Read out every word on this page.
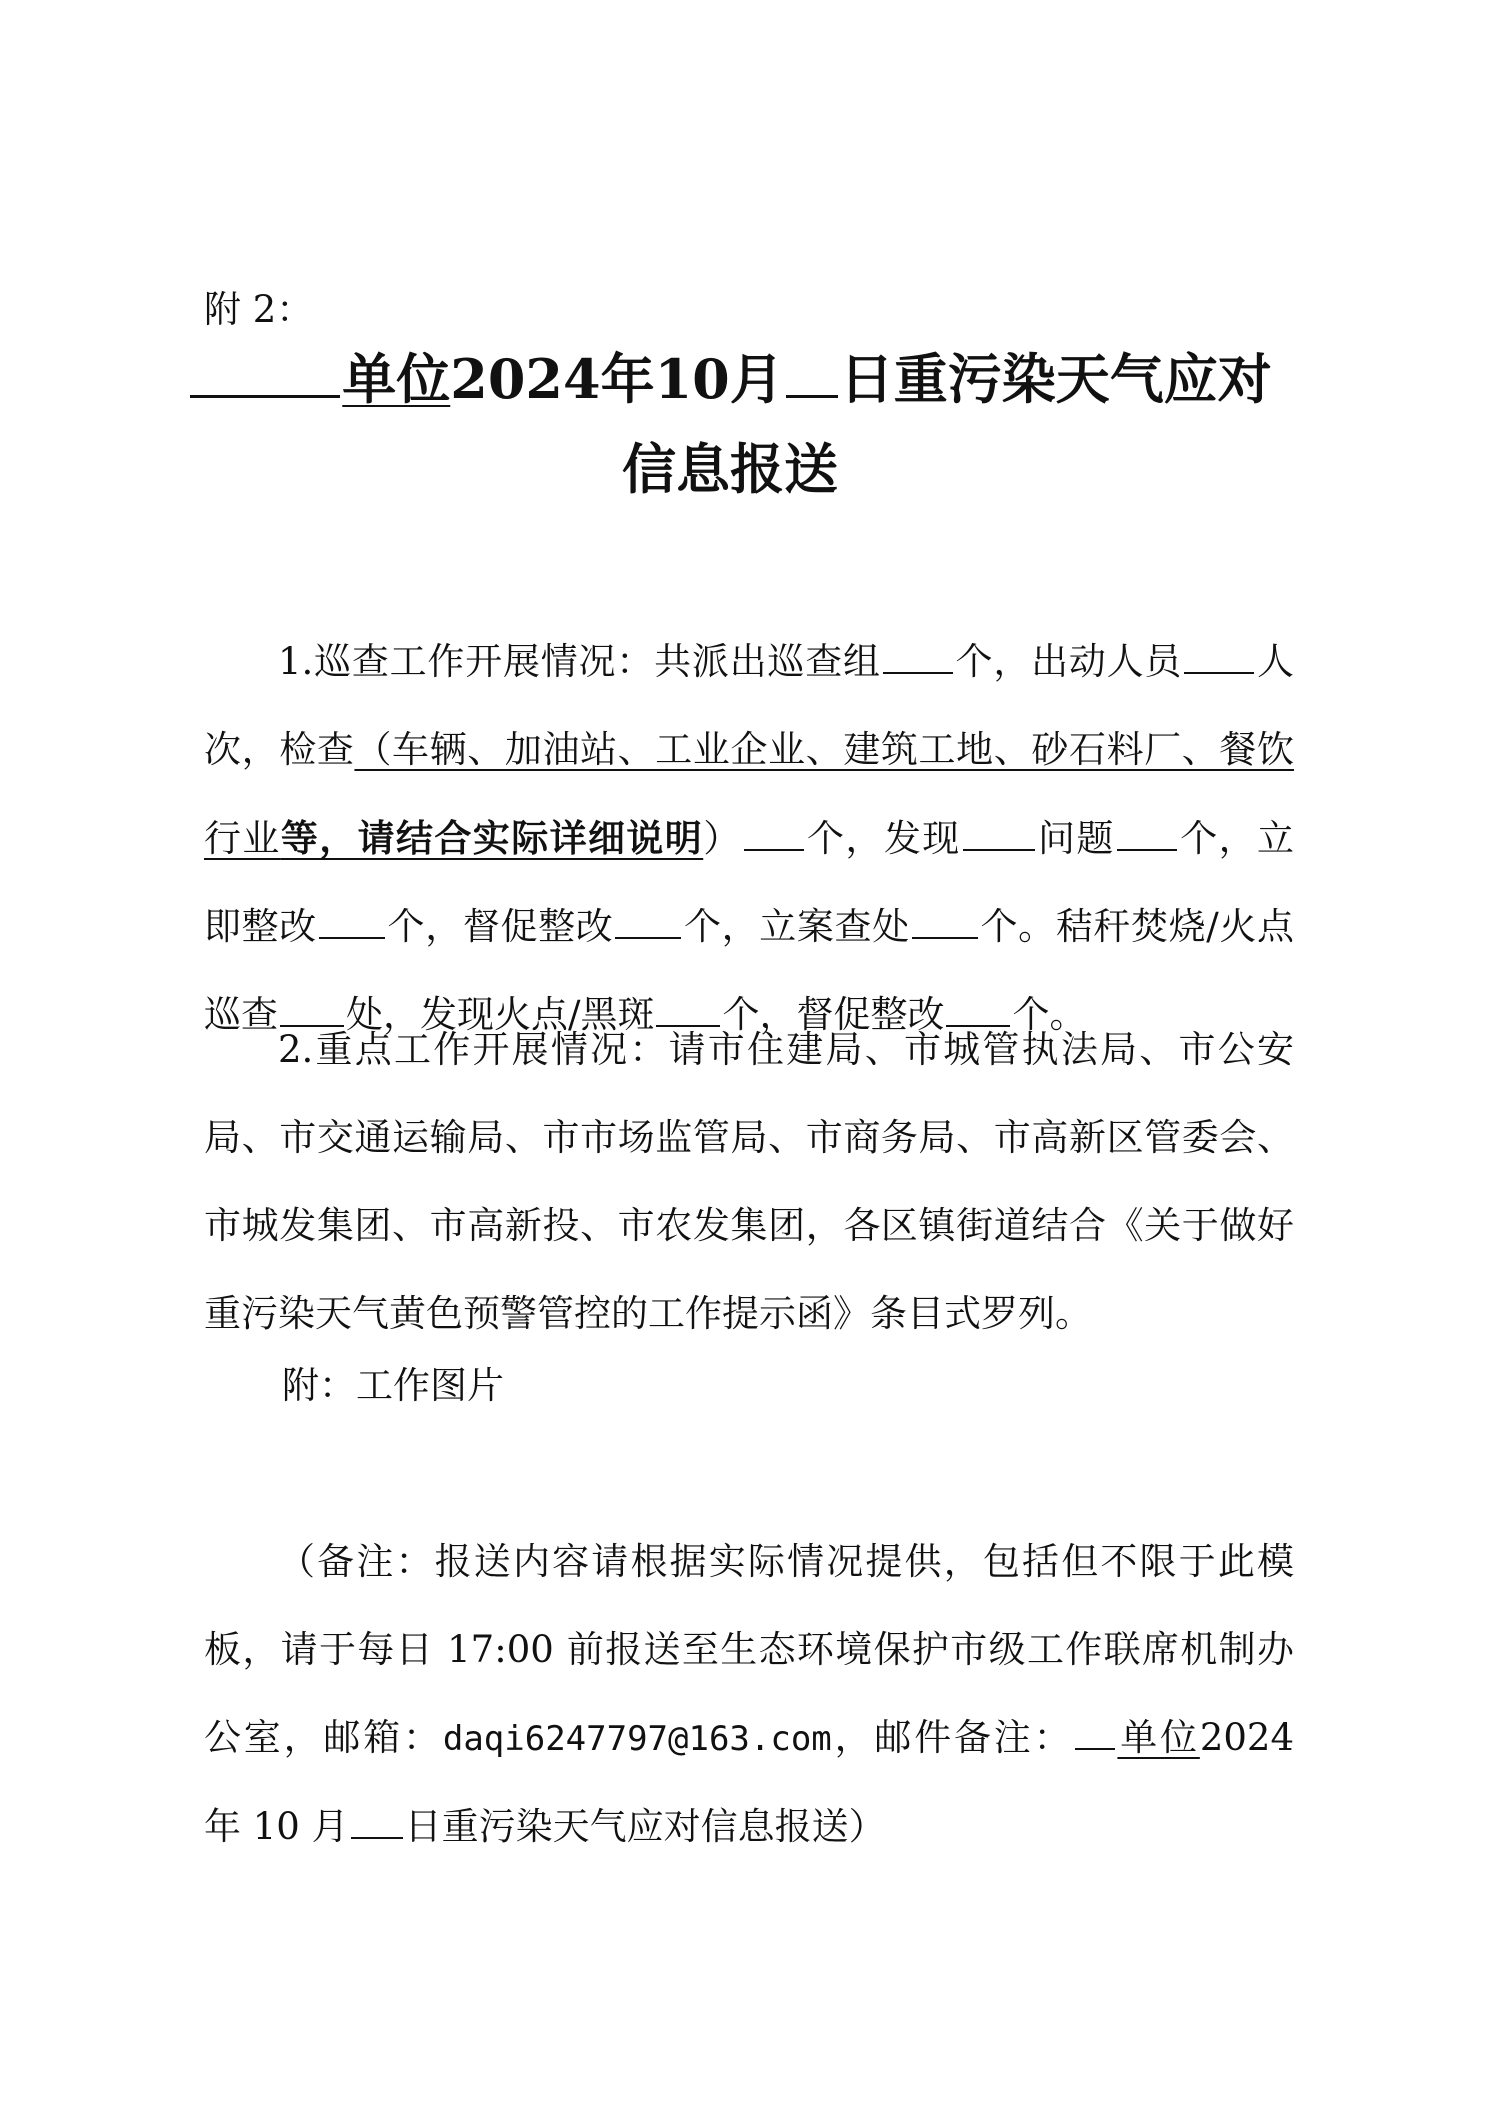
附 2：
单位2024年10月 日重污染天气应对
信息报送

1.巡查工作开展情况：共派出巡查组 个，出动人员 人次，检查（车辆、加油站、工业企业、建筑工地、砂石料厂、餐饮行业等，请结合实际详细说明） 个，发现 问题 个，立即整改 个，督促整改 个，立案查处 个。秸秆焚烧/火点巡查 处，发现火点/黑斑 个，督促整改 个。

2.重点工作开展情况：请市住建局、市城管执法局、市公安局、市交通运输局、市市场监管局、市商务局、市高新区管委会、市城发集团、市高新投、市农发集团，各区镇街道结合《关于做好重污染天气黄色预警管控的工作提示函》条目式罗列。

附：工作图片

（备注：报送内容请根据实际情况提供，包括但不限于此模板，请于每日 17:00 前报送至生态环境保护市级工作联席机制办公室，邮箱：daqi6247797@163.com，邮件备注： 单位2024 年 10 月 日重污染天气应对信息报送）
